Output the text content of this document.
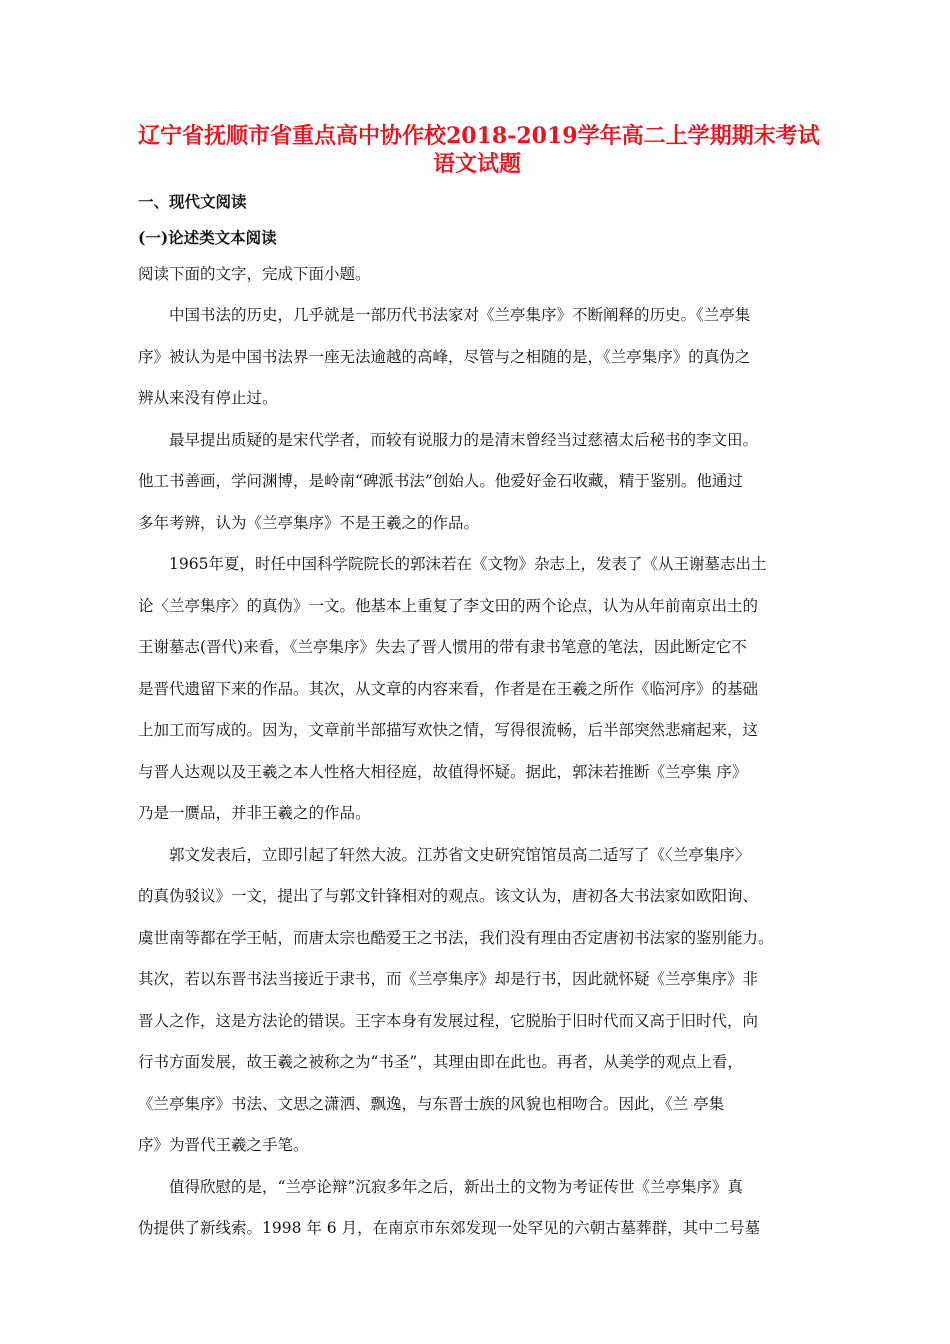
辽宁省抚顺市省重点高中协作校2018-2019学年高二上学期期末考试
语文试题
一、现代文阅读
(一)论述类文本阅读
阅读下面的文字，完成下面小题。
中国书法的历史，几乎就是一部历代书法家对《兰亭集序》不断阐释的历史。《兰亭集
序》被认为是中国书法界一座无法逾越的高峰，尽管与之相随的是，《兰亭集序》的真伪之
辨从来没有停止过。
最早提出质疑的是宋代学者，而较有说服力的是清末曾经当过慈禧太后秘书的李文田。
他工书善画，学问渊博，是岭南“碑派书法”创始人。他爱好金石收藏，精于鉴别。他通过
多年考辨，认为《兰亭集序》不是王羲之的作品。
1965年夏，时任中国科学院院长的郭沫若在《文物》杂志上，发表了《从王谢墓志出土
论〈兰亭集序〉的真伪》一文。他基本上重复了李文田的两个论点，认为从年前南京出土的
王谢墓志(晋代)来看，《兰亭集序》失去了晋人惯用的带有隶书笔意的笔法，因此断定它不
是晋代遗留下来的作品。其次，从文章的内容来看，作者是在王羲之所作《临河序》的基础
上加工而写成的。因为，文章前半部描写欢快之情，写得很流畅，后半部突然悲痛起来，这
与晋人达观以及王羲之本人性格大相径庭，故值得怀疑。据此，郭沫若推断《兰亭集 序》
乃是一赝品，并非王羲之的作品。
郭文发表后，立即引起了轩然大波。江苏省文史研究馆馆员高二适写了《〈兰亭集序〉
的真伪驳议》一文，提出了与郭文针锋相对的观点。该文认为，唐初各大书法家如欧阳询、
虞世南等都在学王帖，而唐太宗也酷爱王之书法，我们没有理由否定唐初书法家的鉴别能力。
其次，若以东晋书法当接近于隶书，而《兰亭集序》却是行书，因此就怀疑《兰亭集序》非
晋人之作，这是方法论的错误。王字本身有发展过程，它脱胎于旧时代而又高于旧时代，向
行书方面发展，故王羲之被称之为“书圣”，其理由即在此也。再者，从美学的观点上看，
《兰亭集序》书法、文思之潇洒、飘逸，与东晋士族的风貌也相吻合。因此，《兰 亭集
序》为晋代王羲之手笔。
值得欣慰的是，“兰亭论辩”沉寂多年之后，新出土的文物为考证传世《兰亭集序》真
伪提供了新线索。1998 年 6 月，在南京市东郊发现一处罕见的六朝古墓葬群，其中二号墓
